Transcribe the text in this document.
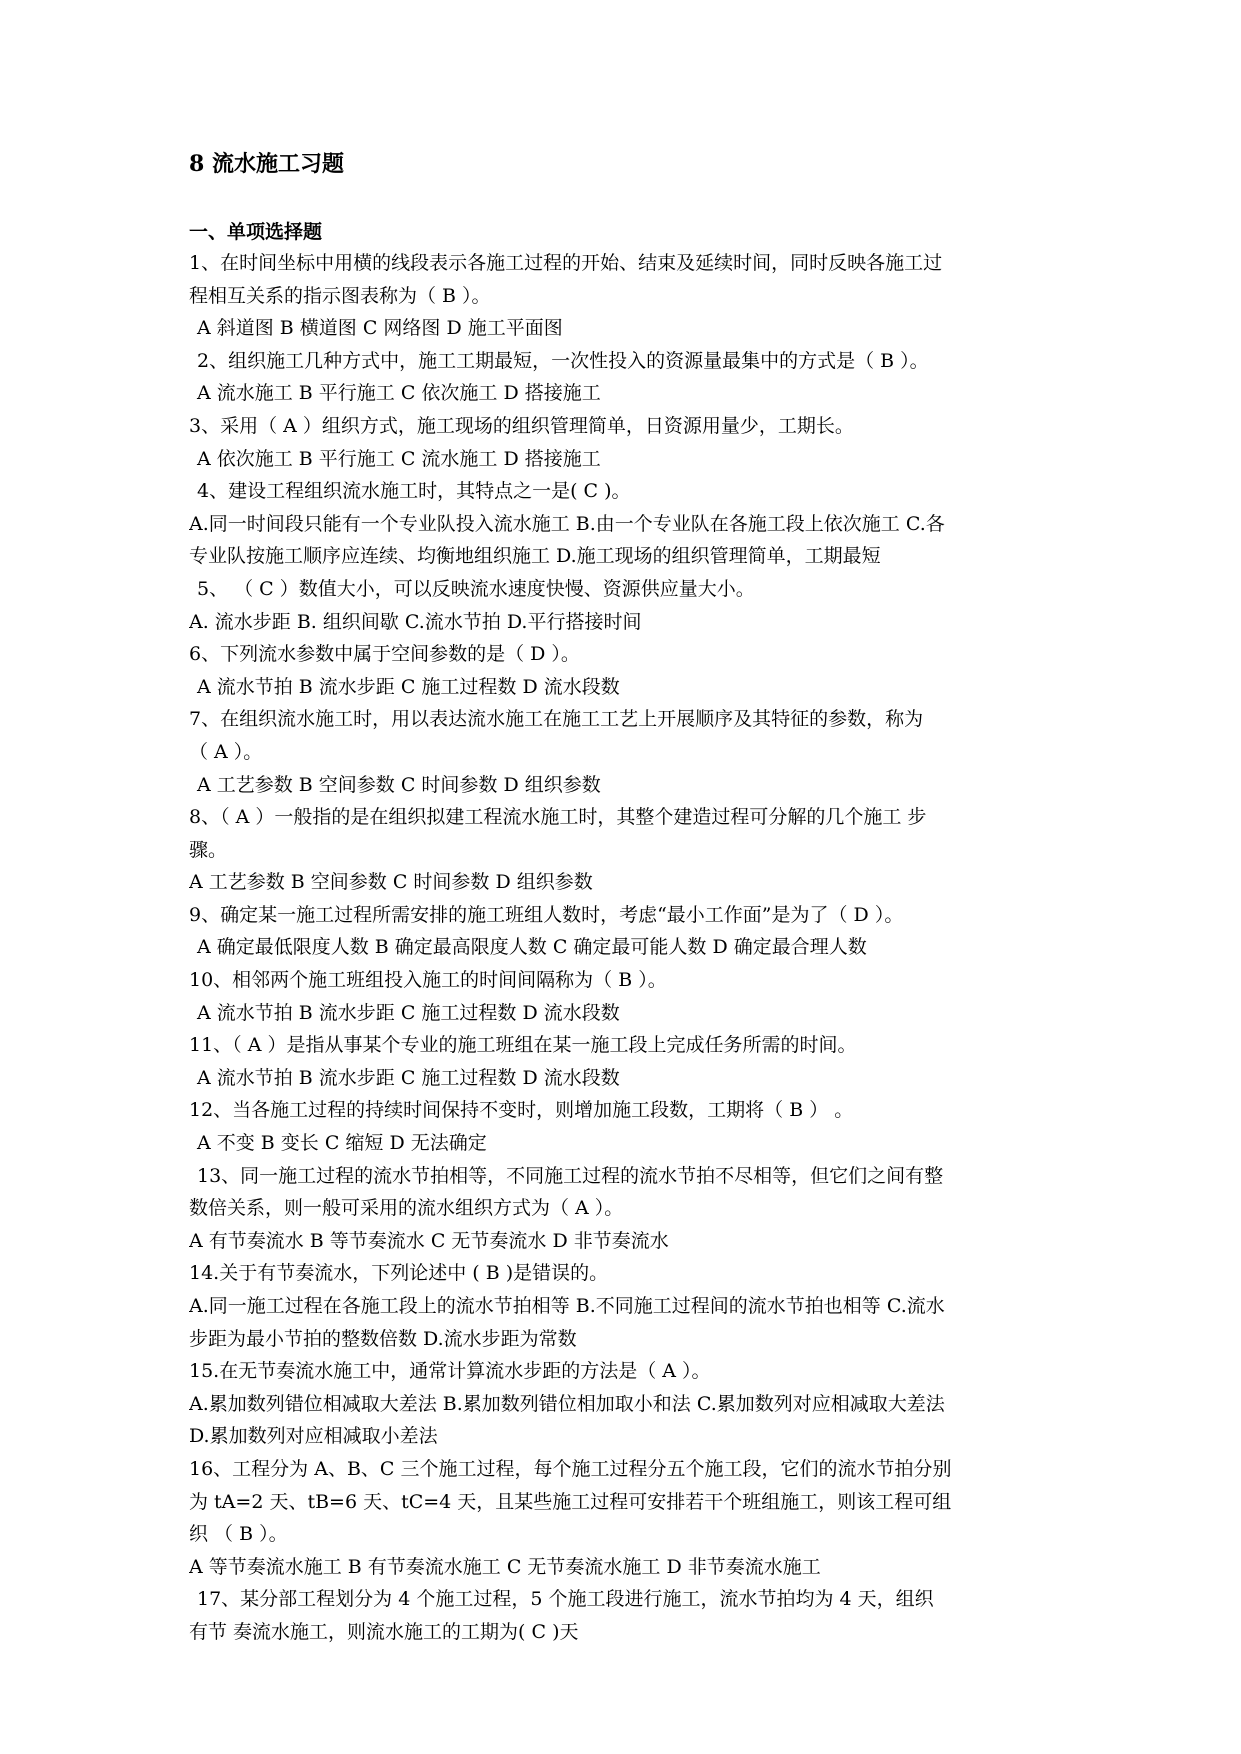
8 流水施工习题
一、单项选择题
1、在时间坐标中用横的线段表示各施工过程的开始、结束及延续时间，同时反映各施工过
程相互关系的指示图表称为（ B ）。
A 斜道图 B 横道图 C 网络图 D 施工平面图
2、组织施工几种方式中，施工工期最短，一次性投入的资源量最集中的方式是（ B ）。
A 流水施工 B 平行施工 C 依次施工 D 搭接施工
3、采用（ A ）组织方式，施工现场的组织管理简单，日资源用量少，工期长。
A 依次施工 B 平行施工 C 流水施工 D 搭接施工
4、建设工程组织流水施工时，其特点之一是( C )。
A.同一时间段只能有一个专业队投入流水施工 B.由一个专业队在各施工段上依次施工 C.各
专业队按施工顺序应连续、均衡地组织施工 D.施工现场的组织管理简单，工期最短
5、 （ C ）数值大小，可以反映流水速度快慢、资源供应量大小。
A. 流水步距 B. 组织间歇 C.流水节拍 D.平行搭接时间
6、下列流水参数中属于空间参数的是（ D ）。
A 流水节拍 B 流水步距 C 施工过程数 D 流水段数
7、在组织流水施工时，用以表达流水施工在施工工艺上开展顺序及其特征的参数，称为
（ A ）。
A 工艺参数 B 空间参数 C 时间参数 D 组织参数
8、（ A ）一般指的是在组织拟建工程流水施工时，其整个建造过程可分解的几个施工 步
骤。
A 工艺参数 B 空间参数 C 时间参数 D 组织参数
9、确定某一施工过程所需安排的施工班组人数时，考虑“最小工作面”是为了（ D ）。
A 确定最低限度人数 B 确定最高限度人数 C 确定最可能人数 D 确定最合理人数
10、相邻两个施工班组投入施工的时间间隔称为（ B ）。
A 流水节拍 B 流水步距 C 施工过程数 D 流水段数
11、（ A ）是指从事某个专业的施工班组在某一施工段上完成任务所需的时间。
A 流水节拍 B 流水步距 C 施工过程数 D 流水段数
12、当各施工过程的持续时间保持不变时，则增加施工段数，工期将（ B ） 。
A 不变 B 变长 C 缩短 D 无法确定
13、同一施工过程的流水节拍相等，不同施工过程的流水节拍不尽相等，但它们之间有整
数倍关系，则一般可采用的流水组织方式为（ A ）。
A 有节奏流水 B 等节奏流水 C 无节奏流水 D 非节奏流水
14.关于有节奏流水，下列论述中 ( B )是错误的。
A.同一施工过程在各施工段上的流水节拍相等 B.不同施工过程间的流水节拍也相等 C.流水
步距为最小节拍的整数倍数 D.流水步距为常数
15.在无节奏流水施工中，通常计算流水步距的方法是（ A ）。
A.累加数列错位相减取大差法 B.累加数列错位相加取小和法 C.累加数列对应相减取大差法
D.累加数列对应相减取小差法
16、工程分为 A、B、C 三个施工过程，每个施工过程分五个施工段，它们的流水节拍分别
为 tA=2 天、tB=6 天、tC=4 天，且某些施工过程可安排若干个班组施工，则该工程可组
织 （ B ）。
A 等节奏流水施工 B 有节奏流水施工 C 无节奏流水施工 D 非节奏流水施工
17、某分部工程划分为 4 个施工过程，5 个施工段进行施工，流水节拍均为 4 天，组织
有节 奏流水施工，则流水施工的工期为( C )天
